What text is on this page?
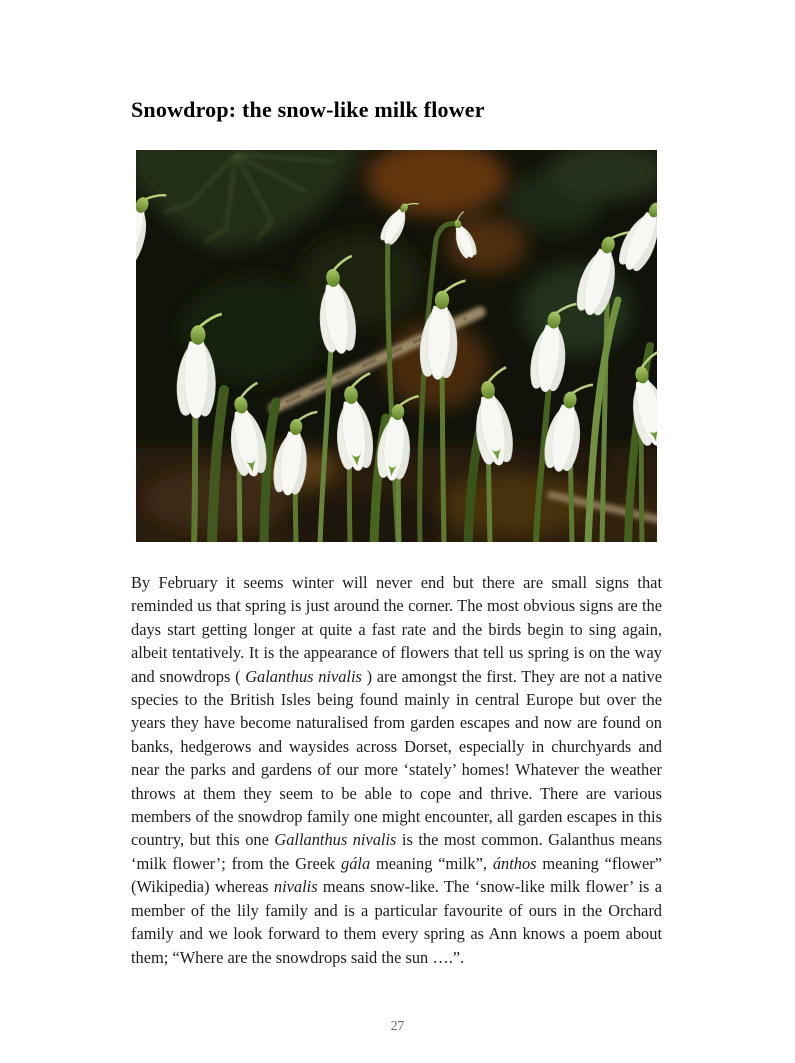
Snowdrop: the snow-like milk flower

By February it seems winter will never end but there are small signs that reminded us that spring is just around the corner. The most obvious signs are the days start getting longer at quite a fast rate and the birds begin to sing again, albeit tentatively. It is the appearance of flowers that tell us spring is on the way and snowdrops ( Galanthus nivalis ) are amongst the first. They are not a native species to the British Isles being found mainly in central Europe but over the years they have become naturalised from garden escapes and now are found on banks, hedgerows and waysides across Dorset, especially in churchyards and near the parks and gardens of our more ‘stately’ homes! Whatever the weather throws at them they seem to be able to cope and thrive. There are various members of the snowdrop family one might encounter, all garden escapes in this country, but this one Gallanthus nivalis is the most common. Galanthus means ‘milk flower’; from the Greek gála meaning “milk”, ánthos meaning “flower” (Wikipedia) whereas nivalis means snow-like. The ‘snow-like milk flower’ is a member of the lily family and is a particular favourite of ours in the Orchard family and we look forward to them every spring as Ann knows a poem about them; “Where are the snowdrops said the sun ….”.

27
